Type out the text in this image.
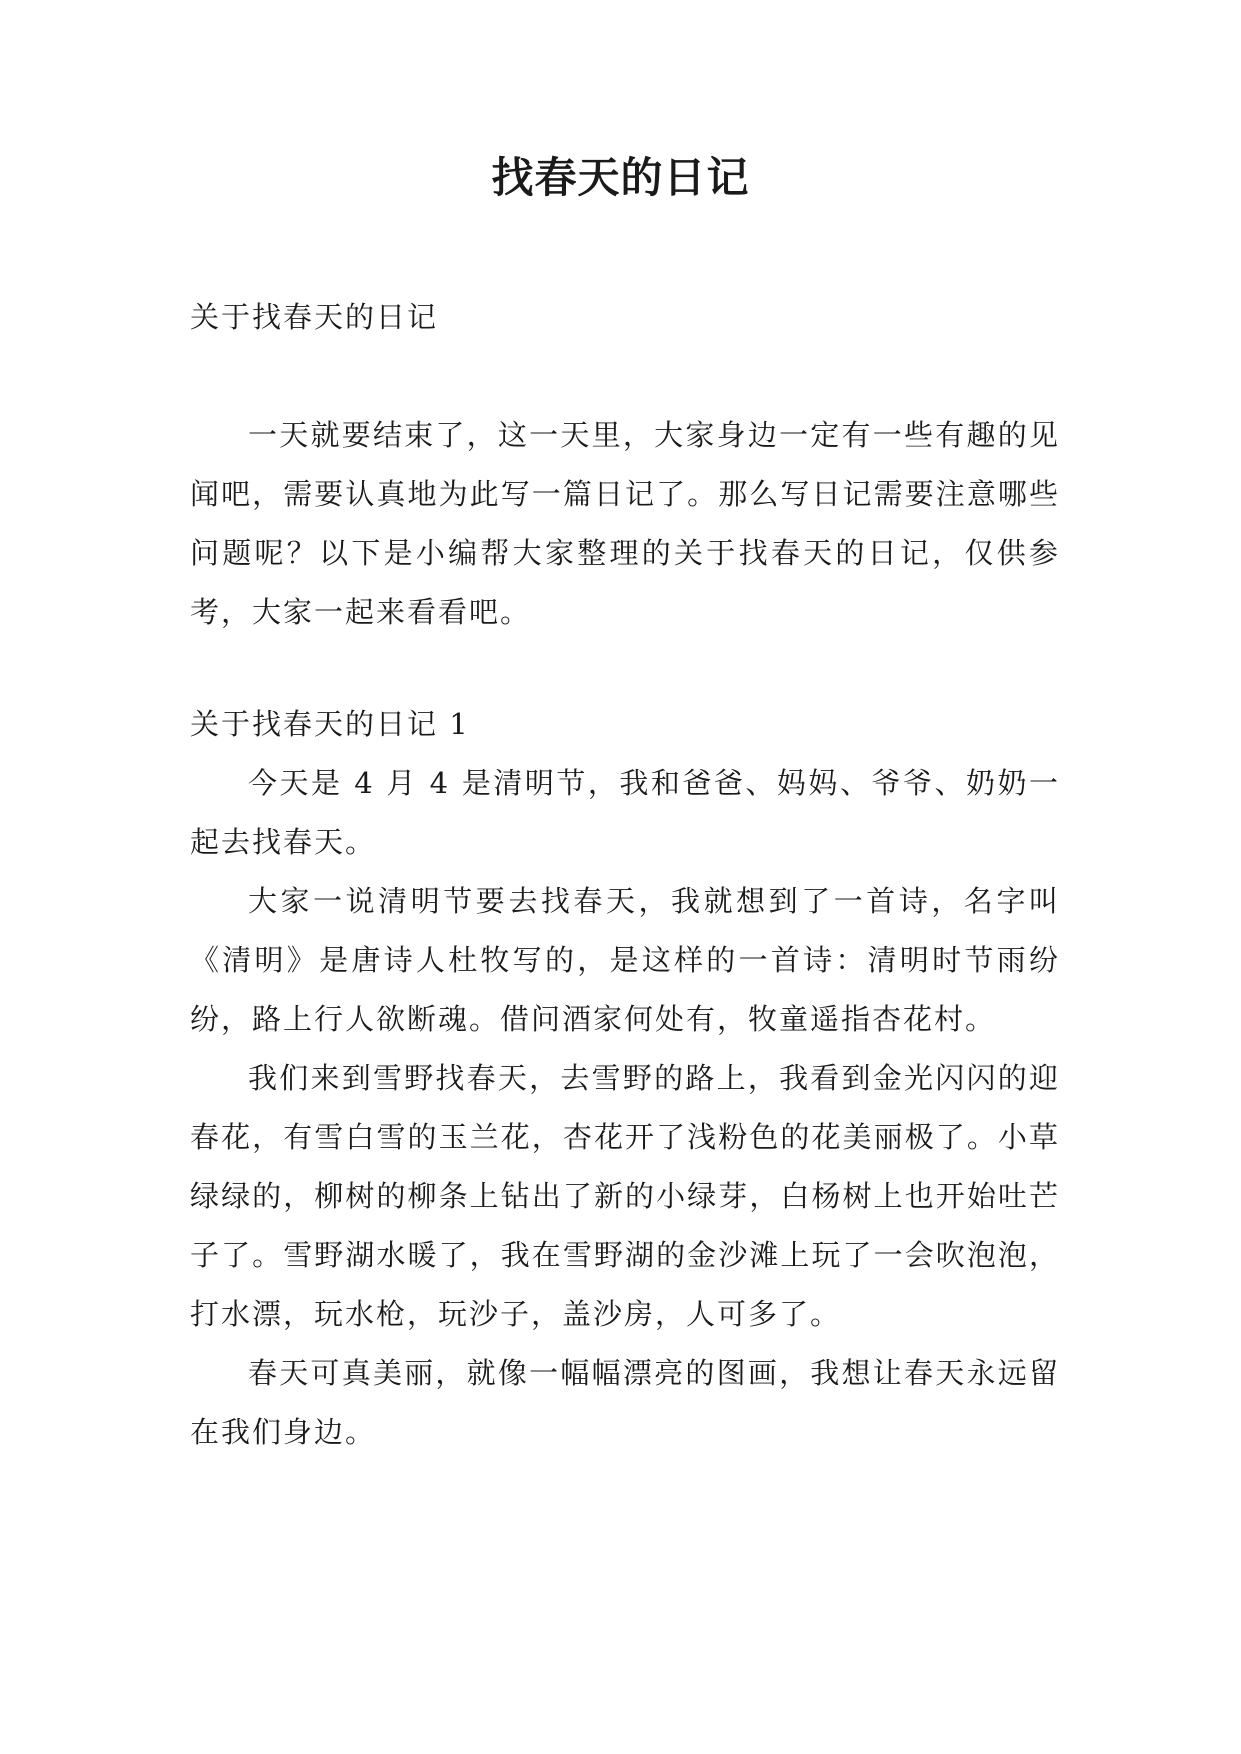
找春天的日记

关于找春天的日记

一天就要结束了，这一天里，大家身边一定有一些有趣的见闻吧，需要认真地为此写一篇日记了。那么写日记需要注意哪些问题呢？以下是小编帮大家整理的关于找春天的日记，仅供参考，大家一起来看看吧。

关于找春天的日记 1

今天是 4 月 4 是清明节，我和爸爸、妈妈、爷爷、奶奶一起去找春天。

大家一说清明节要去找春天，我就想到了一首诗，名字叫《清明》是唐诗人杜牧写的，是这样的一首诗：清明时节雨纷纷，路上行人欲断魂。借问酒家何处有，牧童遥指杏花村。

我们来到雪野找春天，去雪野的路上，我看到金光闪闪的迎春花，有雪白雪的玉兰花，杏花开了浅粉色的花美丽极了。小草绿绿的，柳树的柳条上钻出了新的小绿芽，白杨树上也开始吐芒子了。雪野湖水暖了，我在雪野湖的金沙滩上玩了一会吹泡泡，打水漂，玩水枪，玩沙子，盖沙房，人可多了。

春天可真美丽，就像一幅幅漂亮的图画，我想让春天永远留在我们身边。
